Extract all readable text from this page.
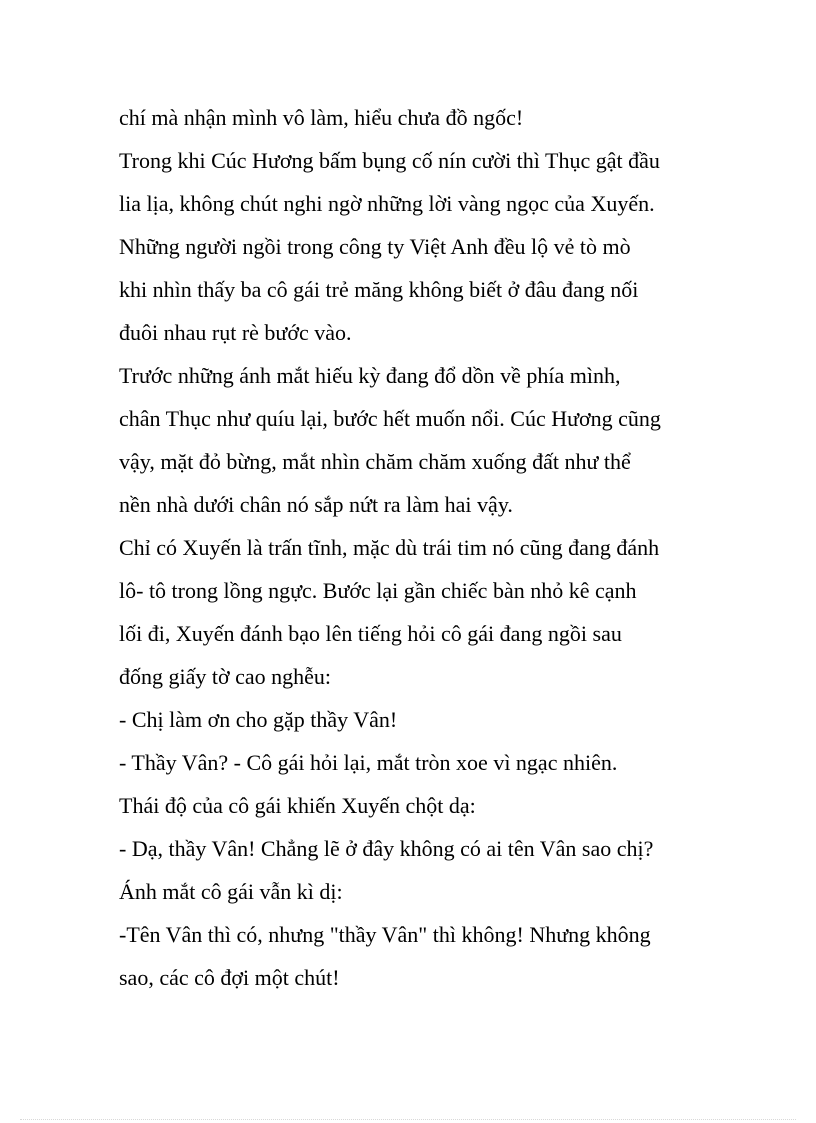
chí mà nhận mình vô làm, hiểu chưa đồ ngốc!

Trong khi Cúc Hương bấm bụng cố nín cười thì Thục gật đầu

lia lịa, không chút nghi ngờ những lời vàng ngọc của Xuyến.

Những người ngồi trong công ty Việt Anh đều lộ vẻ tò mò

khi nhìn thấy ba cô gái trẻ măng không biết ở đâu đang nối

đuôi nhau rụt rè bước vào.

Trước những ánh mắt hiếu kỳ đang đổ dồn về phía mình,

chân Thục như quíu lại, bước hết muốn nổi. Cúc Hương cũng

vậy, mặt đỏ bừng, mắt nhìn chăm chăm xuống đất như thể

nền nhà dưới chân nó sắp nứt ra làm hai vậy.

Chỉ có Xuyến là trấn tĩnh, mặc dù trái tim nó cũng đang đánh

lô- tô trong lồng ngực. Bước lại gần chiếc bàn nhỏ kê cạnh

lối đi, Xuyến đánh bạo lên tiếng hỏi cô gái đang ngồi sau

đống giấy tờ cao nghễu:

- Chị làm ơn cho gặp thầy Vân!

- Thầy Vân? - Cô gái hỏi lại, mắt tròn xoe vì ngạc nhiên.

Thái độ của cô gái khiến Xuyến chột dạ:

- Dạ, thầy Vân! Chẳng lẽ ở đây không có ai tên Vân sao chị?

Ánh mắt cô gái vẫn kì dị:

-Tên Vân thì có, nhưng "thầy Vân" thì không! Nhưng không

sao, các cô đợi một chút!
